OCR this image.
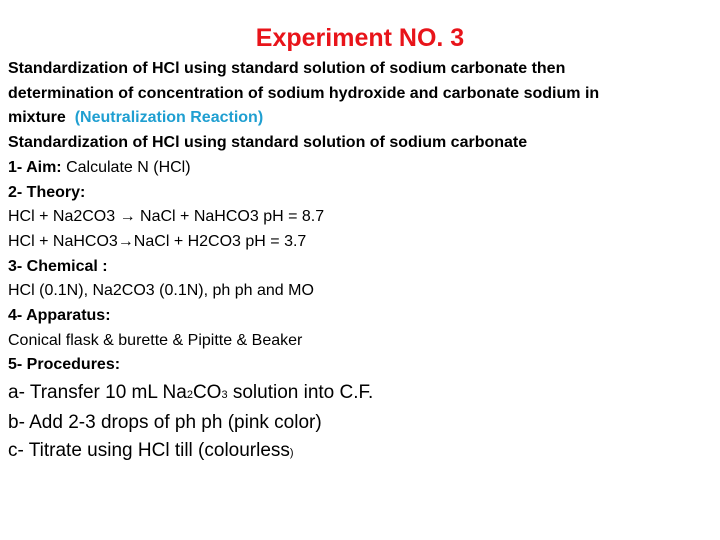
Experiment NO. 3
Standardization of HCl using standard solution of sodium carbonate then
determination of concentration of sodium hydroxide and carbonate sodium in
mixture (Neutralization Reaction)
Standardization of HCl using standard solution of sodium carbonate
1- Aim: Calculate N (HCl)
2- Theory:
HCl + Na2CO3 → NaCl + NaHCO3 pH = 8.7
HCl + NaHCO3→NaCl + H2CO3 pH = 3.7
3- Chemical :
HCl (0.1N), Na2CO3 (0.1N), ph ph and MO
4- Apparatus:
Conical flask & burette & Pipitte & Beaker
5- Procedures:
a- Transfer 10 mL Na2CO3 solution into C.F.
b- Add 2-3 drops of ph ph (pink color)
c- Titrate using HCl till (colourless)
